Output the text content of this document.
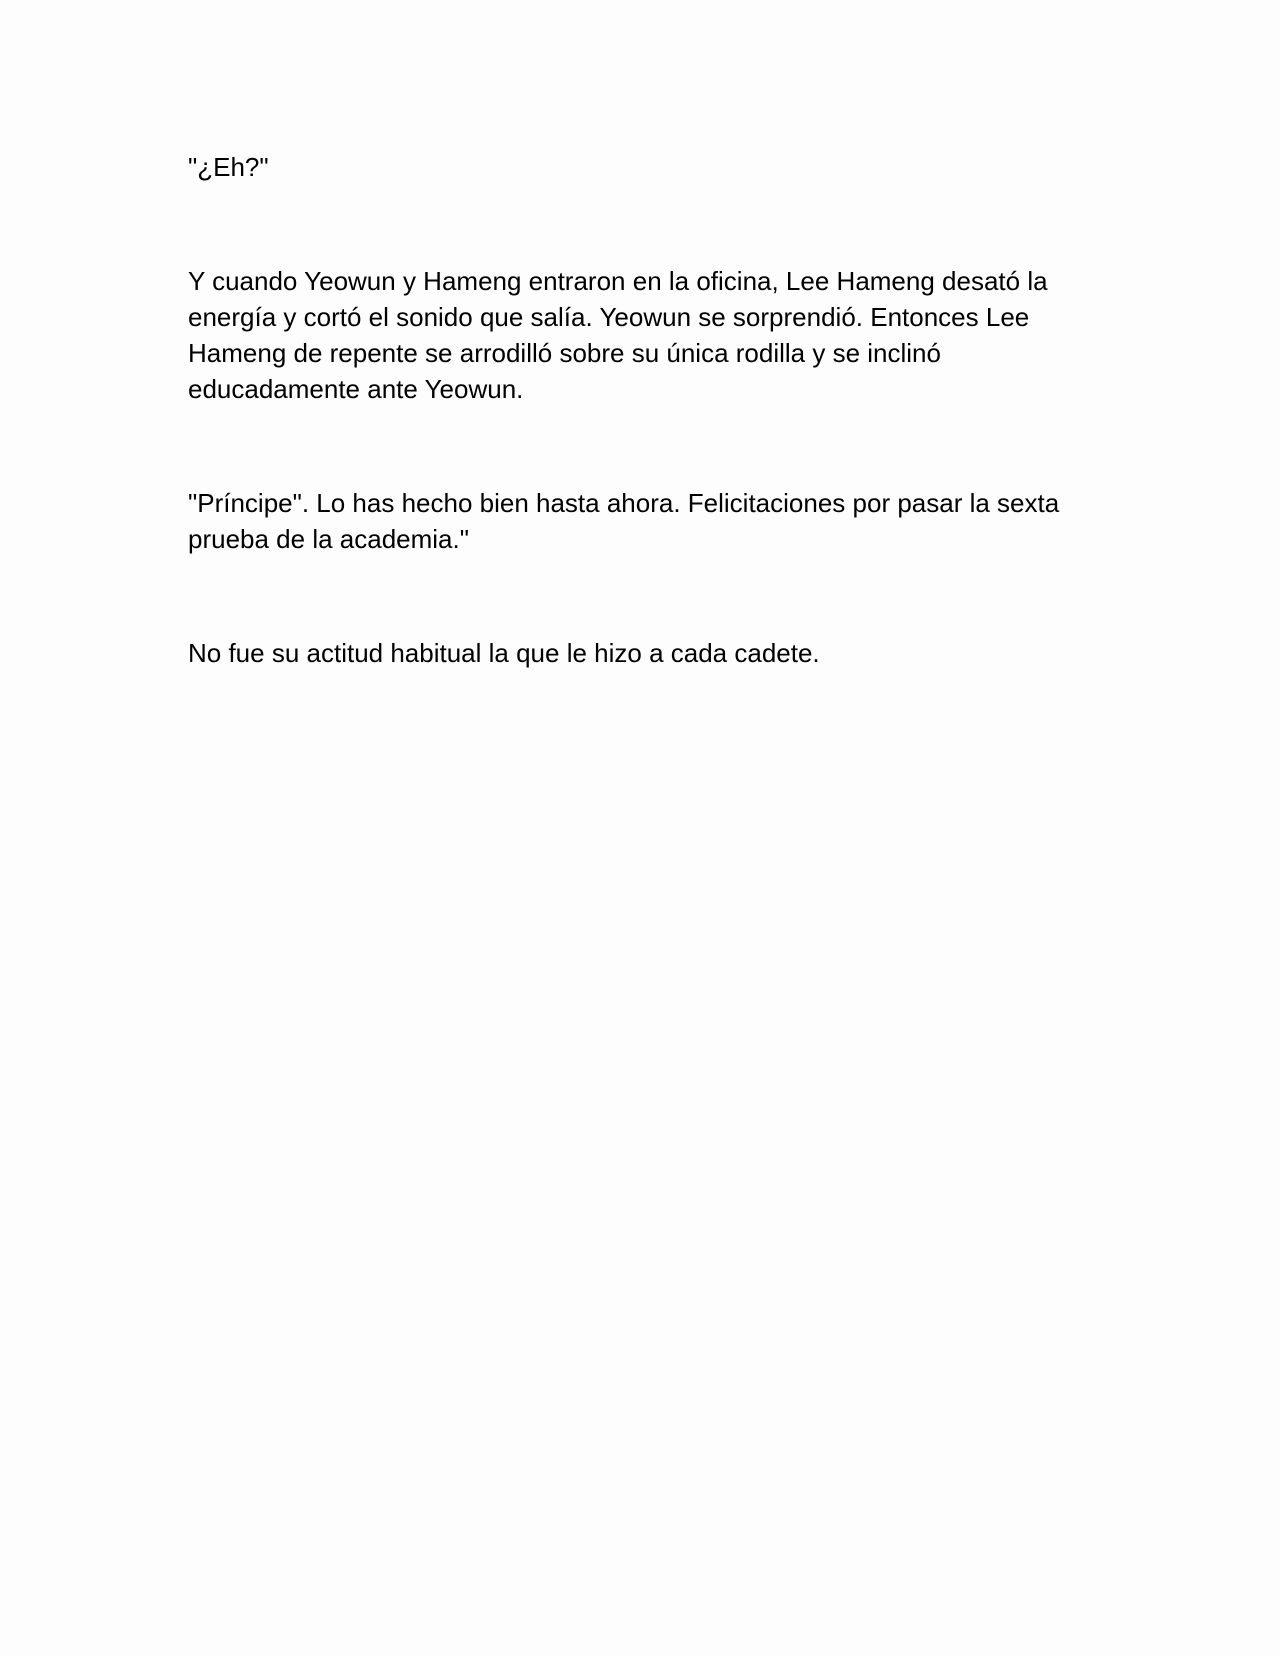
"¿Eh?"

Y cuando Yeowun y Hameng entraron en la oficina, Lee Hameng desató la energía y cortó el sonido que salía. Yeowun se sorprendió. Entonces Lee Hameng de repente se arrodilló sobre su única rodilla y se inclinó educadamente ante Yeowun.

"Príncipe". Lo has hecho bien hasta ahora. Felicitaciones por pasar la sexta prueba de la academia."

No fue su actitud habitual la que le hizo a cada cadete.
